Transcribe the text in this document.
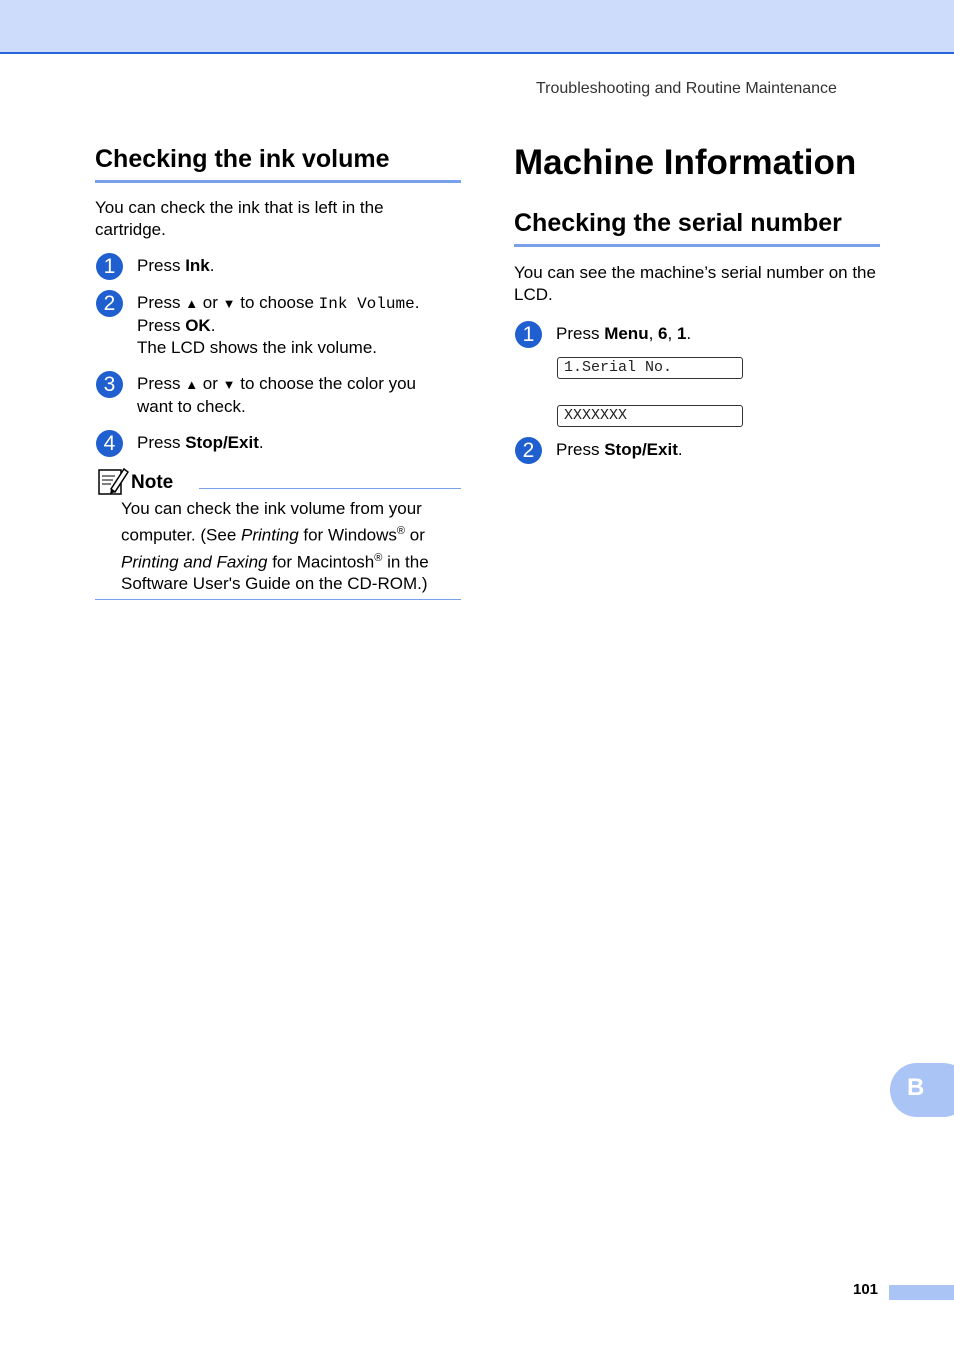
Troubleshooting and Routine Maintenance
Checking the ink volume

You can check the ink that is left in the cartridge.

1	Press Ink.
2	Press ▲ or ▼ to choose Ink Volume.
Press OK.
The LCD shows the ink volume.
3	Press ▲ or ▼ to choose the color you
want to check.
4	Press Stop/Exit.
Note
You can check the ink volume from your computer. (See Printing for Windows® or Printing and Faxing for Macintosh® in the Software User's Guide on the CD-ROM.)
Machine Information
Checking the serial number

You can see the machine’s serial number on the LCD.

1	Press Menu, 6, 1.
1.Serial No.
XXXXXXX
2	Press Stop/Exit.
B
101
